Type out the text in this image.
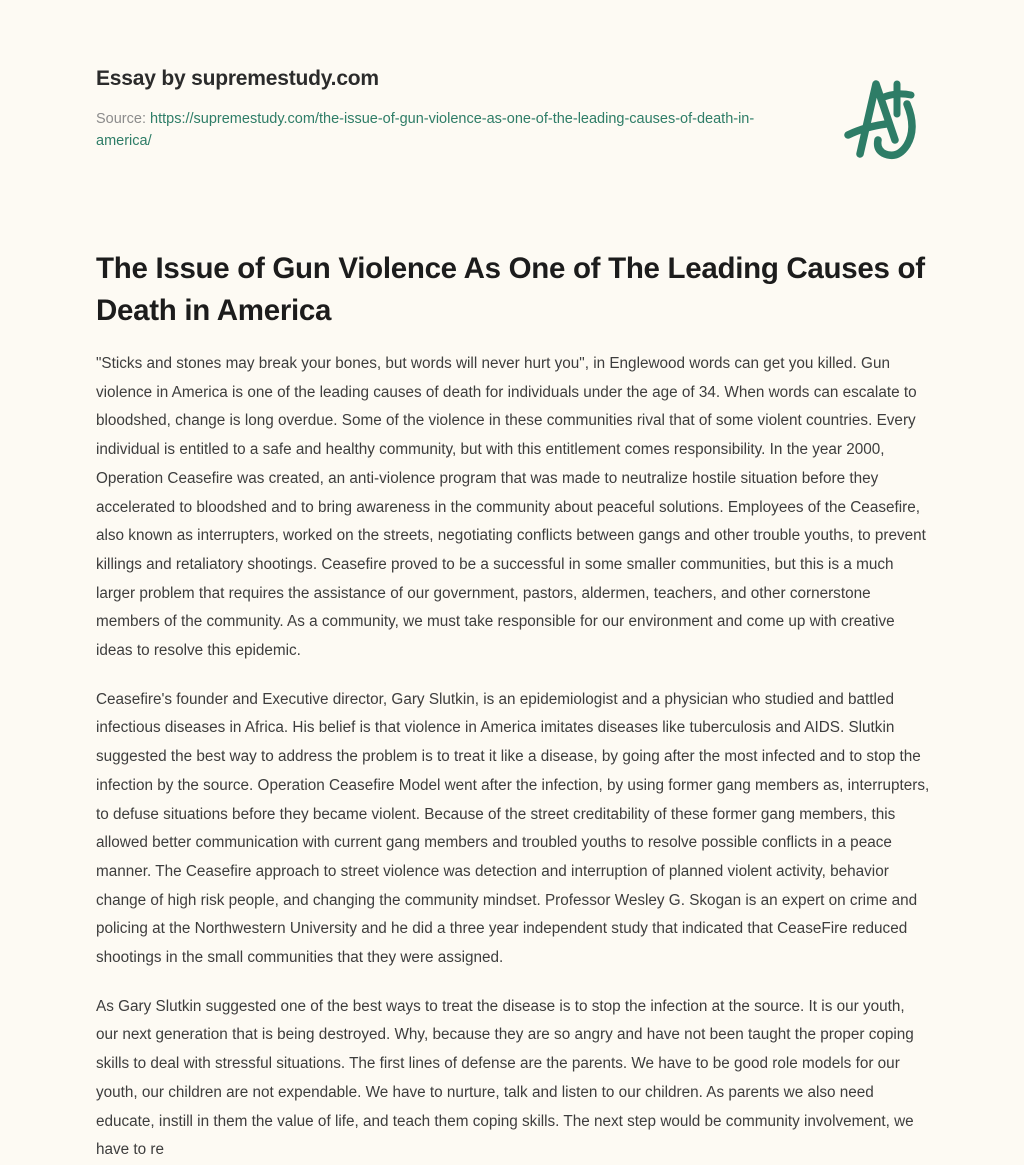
Essay by supremestudy.com
Source: https://supremestudy.com/the-issue-of-gun-violence-as-one-of-the-leading-causes-of-death-in-america/
The Issue of Gun Violence As One of The Leading Causes of Death in America

"Sticks and stones may break your bones, but words will never hurt you", in Englewood words can get you killed. Gun violence in America is one of the leading causes of death for individuals under the age of 34. When words can escalate to bloodshed, change is long overdue. Some of the violence in these communities rival that of some violent countries. Every individual is entitled to a safe and healthy community, but with this entitlement comes responsibility. In the year 2000, Operation Ceasefire was created, an anti-violence program that was made to neutralize hostile situation before they accelerated to bloodshed and to bring awareness in the community about peaceful solutions. Employees of the Ceasefire, also known as interrupters, worked on the streets, negotiating conflicts between gangs and other trouble youths, to prevent killings and retaliatory shootings. Ceasefire proved to be a successful in some smaller communities, but this is a much larger problem that requires the assistance of our government, pastors, aldermen, teachers, and other cornerstone members of the community. As a community, we must take responsible for our environment and come up with creative ideas to resolve this epidemic.

Ceasefire's founder and Executive director, Gary Slutkin, is an epidemiologist and a physician who studied and battled infectious diseases in Africa. His belief is that violence in America imitates diseases like tuberculosis and AIDS. Slutkin suggested the best way to address the problem is to treat it like a disease, by going after the most infected and to stop the infection by the source. Operation Ceasefire Model went after the infection, by using former gang members as, interrupters, to defuse situations before they became violent. Because of the street creditability of these former gang members, this allowed better communication with current gang members and troubled youths to resolve possible conflicts in a peace manner. The Ceasefire approach to street violence was detection and interruption of planned violent activity, behavior change of high risk people, and changing the community mindset. Professor Wesley G. Skogan is an expert on crime and policing at the Northwestern University and he did a three year independent study that indicated that CeaseFire reduced shootings in the small communities that they were assigned.

As Gary Slutkin suggested one of the best ways to treat the disease is to stop the infection at the source. It is our youth, our next generation that is being destroyed. Why, because they are so angry and have not been taught the proper coping skills to deal with stressful situations. The first lines of defense are the parents. We have to be good role models for our youth, our children are not expendable. We have to nurture, talk and listen to our children. As parents we also need educate, instill in them the value of life, and teach them coping skills. The next step would be community involvement, we have to re
